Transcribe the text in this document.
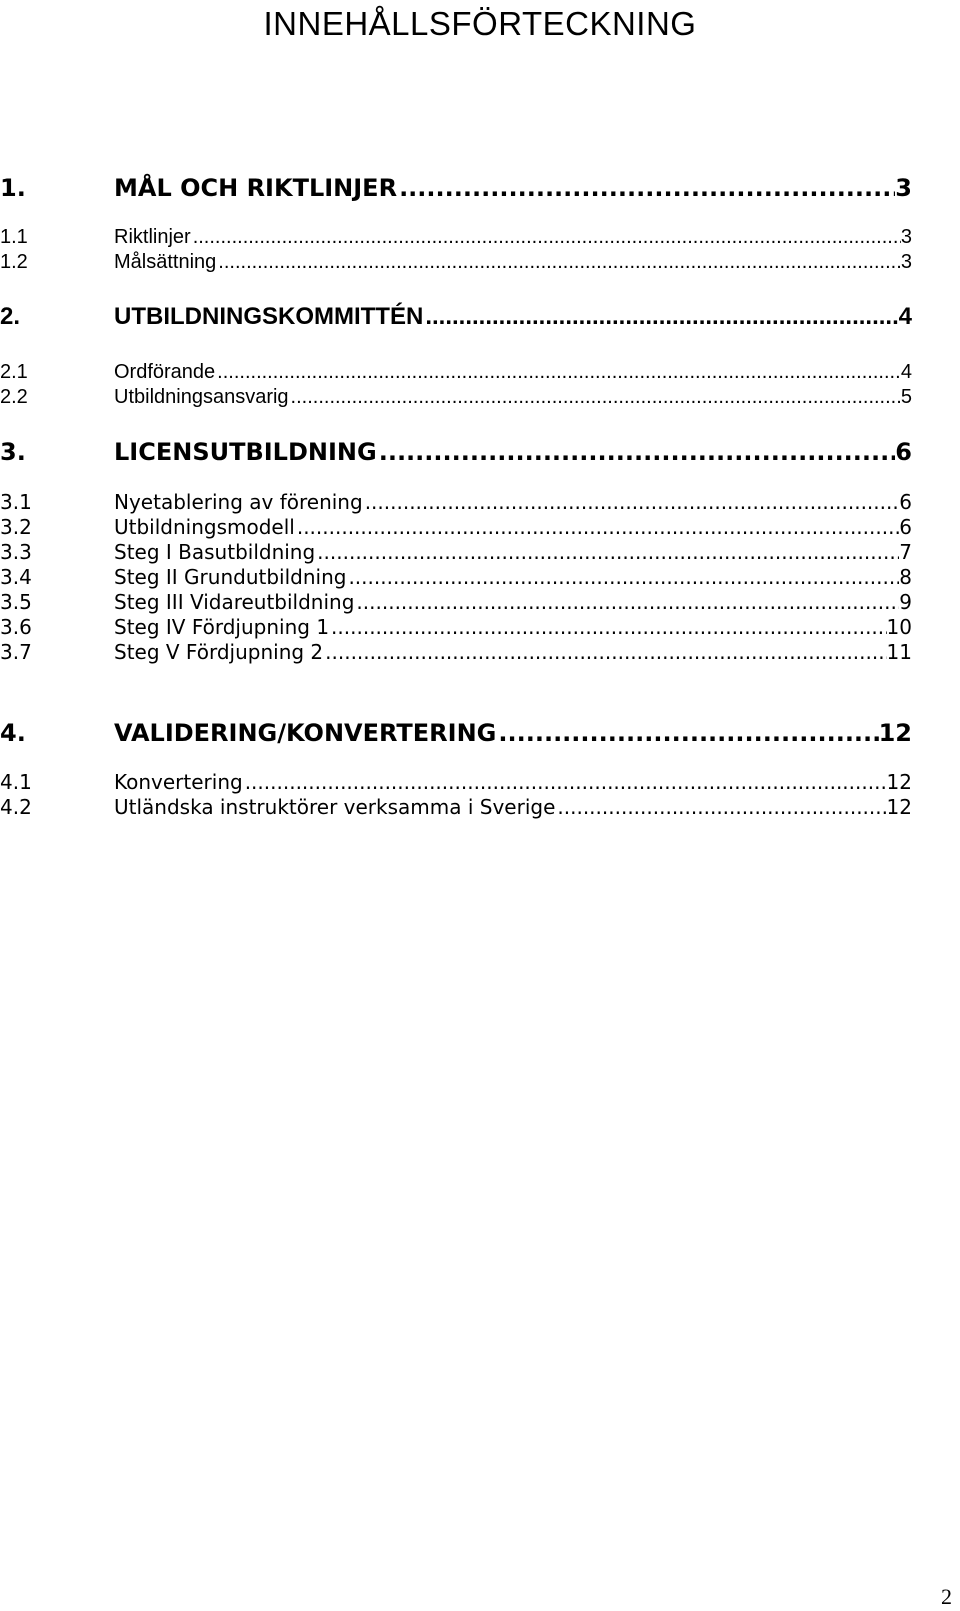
INNEHÅLLSFÖRTECKNING
1.	MÅL OCH RIKTLINJER .....	3
1.1	Riktlinjer .....	3
1.2	Målsättning .....	3
2.	UTBILDNINGSKOMMITTÉN .....	4
2.1	Ordförande .....	4
2.2	Utbildningsansvarig .....	5
3.	LICENSUTBILDNING .....	6
3.1	Nyetablering av förening .....	6
3.2	Utbildningsmodell .....	6
3.3	Steg I Basutbildning .....	7
3.4	Steg II Grundutbildning .....	8
3.5	Steg III Vidareutbildning .....	9
3.6	Steg IV Fördjupning 1 .....	10
3.7	Steg V Fördjupning 2 .....	11
4.	VALIDERING/KONVERTERING .....	12
4.1	Konvertering .....	12
4.2	Utländska instruktörer verksamma i Sverige .....	12
2
